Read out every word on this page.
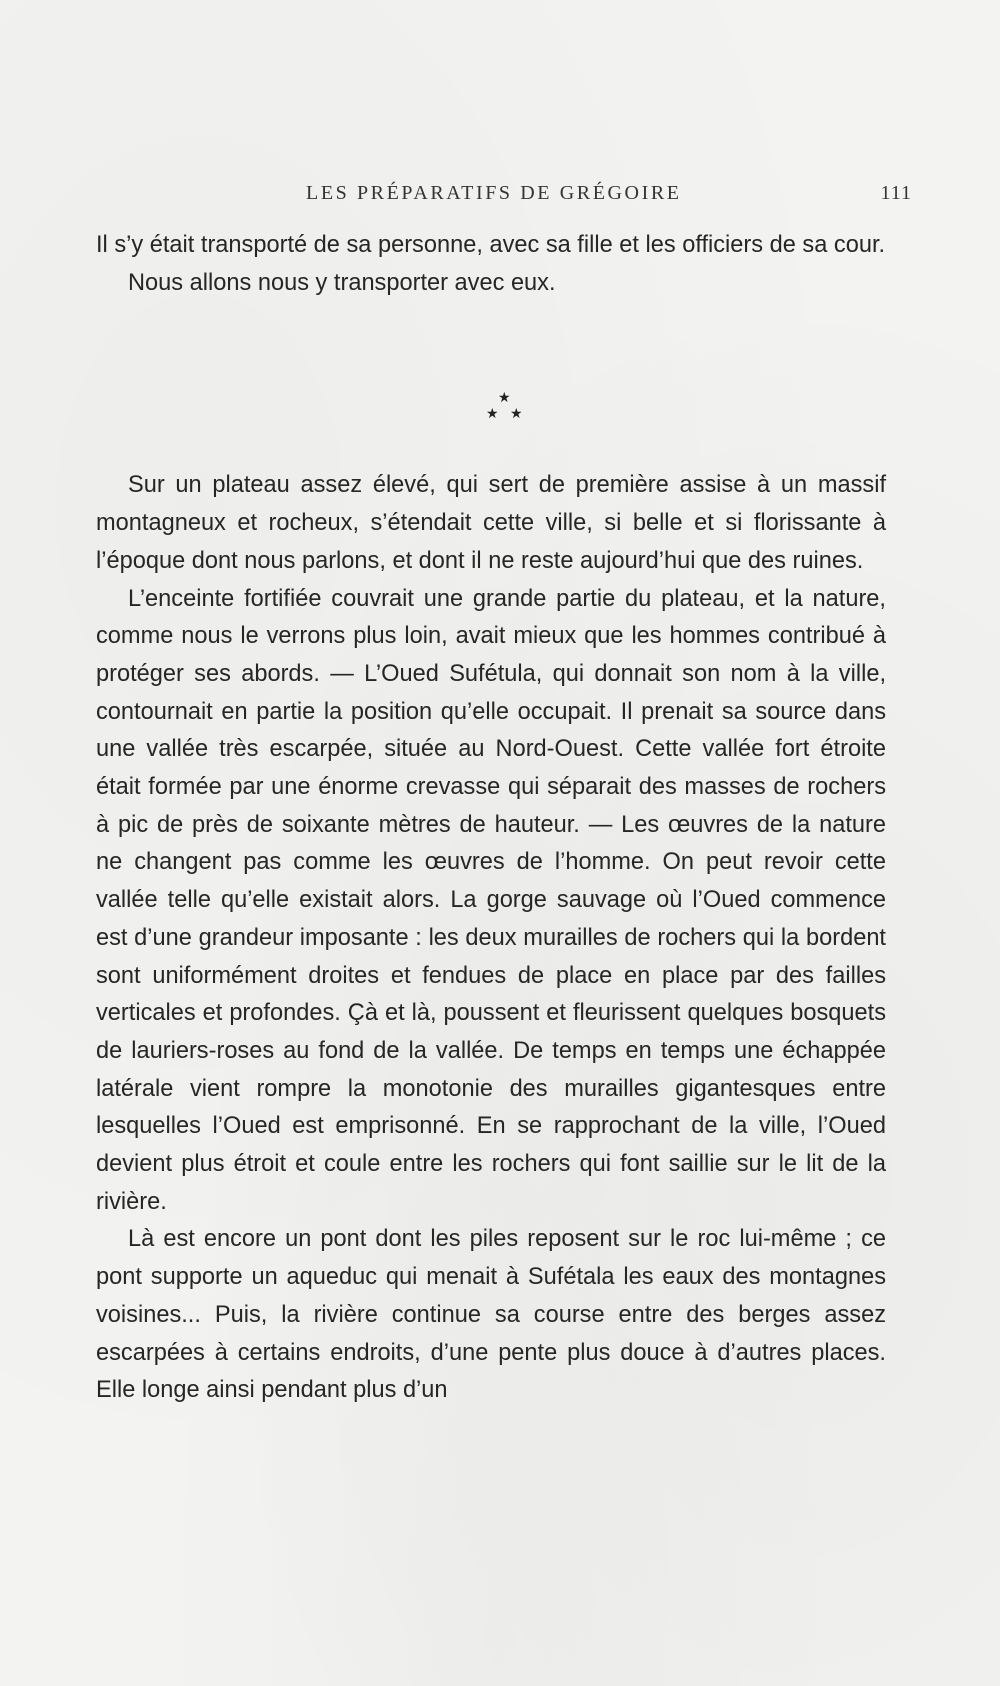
LES PRÉPARATIFS DE GRÉGOIRE	111

Il s’y était transporté de sa personne, avec sa fille et les officiers de sa cour.

Nous allons nous y transporter avec eux.

★
★ ★

Sur un plateau assez élevé, qui sert de première assise à un massif montagneux et rocheux, s’étendait cette ville, si belle et si florissante à l’époque dont nous parlons, et dont il ne reste aujourd’hui que des ruines.

L’enceinte fortifiée couvrait une grande partie du plateau, et la nature, comme nous le verrons plus loin, avait mieux que les hommes contribué à protéger ses abords. — L’Oued Sufétula, qui donnait son nom à la ville, contournait en partie la position qu’elle occupait. Il prenait sa source dans une vallée très escarpée, située au Nord-Ouest. Cette vallée fort étroite était formée par une énorme crevasse qui séparait des masses de rochers à pic de près de soixante mètres de hauteur. — Les œuvres de la nature ne changent pas comme les œuvres de l’homme. On peut revoir cette vallée telle qu’elle existait alors. La gorge sauvage où l’Oued commence est d’une grandeur imposante : les deux murailles de rochers qui la bordent sont uniformément droites et fendues de place en place par des failles verticales et profondes. Çà et là, poussent et fleurissent quelques bosquets de lauriers-roses au fond de la vallée. De temps en temps une échappée latérale vient rompre la monotonie des murailles gigantesques entre lesquelles l’Oued est emprisonné. En se rapprochant de la ville, l’Oued devient plus étroit et coule entre les rochers qui font saillie sur le lit de la rivière.

Là est encore un pont dont les piles reposent sur le roc lui-même ; ce pont supporte un aqueduc qui menait à Sufétala les eaux des montagnes voisines... Puis, la rivière continue sa course entre des berges assez escarpées à certains endroits, d’une pente plus douce à d’autres places. Elle longe ainsi pendant plus d’un
